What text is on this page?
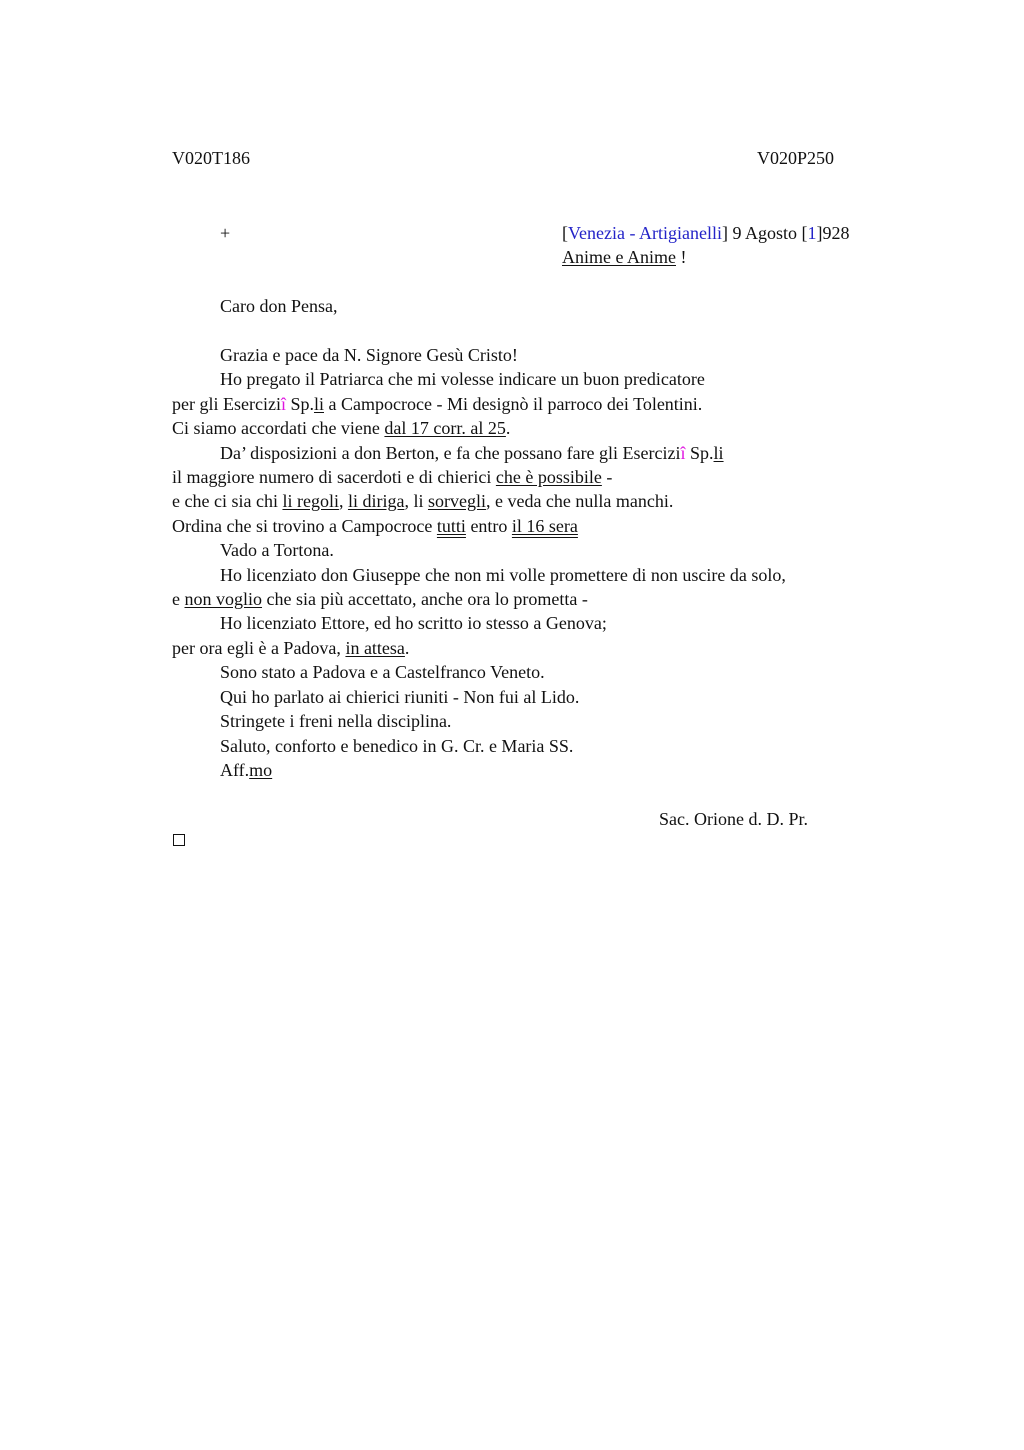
V020T186	V020P250
+	[Venezia - Artigianelli] 9 Agosto [1]928
Anime e Anime !
Caro don Pensa,
Grazia e pace da N. Signore Gesù Cristo!
Ho pregato il Patriarca che mi volesse indicare un buon predicatore
per gli Eserciziî Sp.li a Campocroce - Mi designò il parroco dei Tolentini.
Ci siamo accordati che viene dal 17 corr. al 25.
Da’ disposizioni a don Berton, e fa che possano fare gli Eserciziî Sp.li
il maggiore numero di sacerdoti e di chierici che è possibile -
e che ci sia chi li regoli, li diriga, li sorvegli, e veda che nulla manchi.
Ordina che si trovino a Campocroce tutti entro il 16 sera
Vado a Tortona.
Ho licenziato don Giuseppe che non mi volle promettere di non uscire da solo,
e non voglio che sia più accettato, anche ora lo prometta -
Ho licenziato Ettore, ed ho scritto io stesso a Genova;
per ora egli è a Padova, in attesa.
Sono stato a Padova e a Castelfranco Veneto.
Qui ho parlato ai chierici riuniti - Non fui al Lido.
Stringete i freni nella disciplina.
Saluto, conforto e benedico in G. Cr. e Maria SS.
Aff.mo
Sac. Orione d. D. Pr.
